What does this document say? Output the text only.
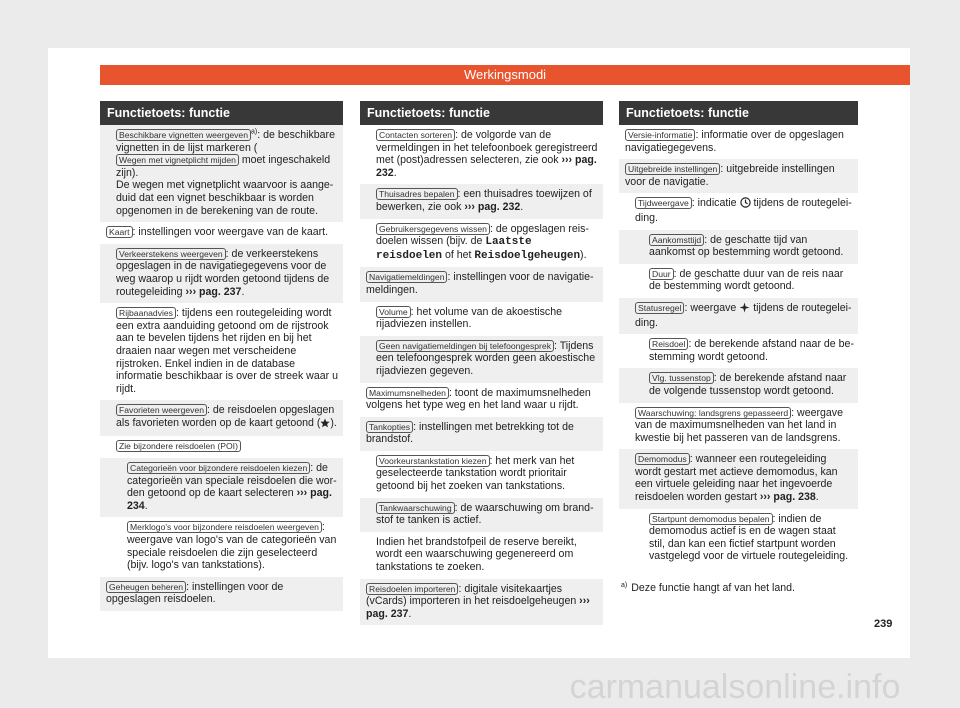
Werkingsmodi
Functietoets: functie
Beschikbare vignetten weergeven $^{a)}$: de beschikbare vignetten in de lijst markeren (Wegen met vignetplicht mijden moet ingeschakeld zijn).
De wegen met vignetplicht waarvoor is aangeduid dat een vignet beschikbaar is worden opgenomen in de berekening van de route.
Kaart : instellingen voor weergave van de kaart.
Verkeerstekens weergeven : de verkeerstekens opgeslagen in de navigatiegegevens voor de weg waarop u rijdt worden getoond tijdens de routegeleiding ››› pag. 237.
Rijbaanadvies : tijdens een routegeleiding wordt een extra aanduiding getoond om de rijstrook aan te bevelen tijdens het rijden en bij het draaien naar wegen met verscheidene rijstroken. Enkel indien in de database informatie beschikbaar is over de streek waar u rijdt.
Favorieten weergeven : de reisdoelen opgeslagen als favorieten worden op de kaart getoond ( ).
Zie bijzondere reisdoelen (POI)
Categorieën voor bijzondere reisdoelen kiezen : de categorieën van speciale reisdoelen die worden getoond op de kaart selecteren ››› pag. 234.
Merklogo's voor bijzondere reisdoelen weergeven : weergave van logo's van de categorieën van speciale reisdoelen die zijn geselecteerd (bijv. logo's van tankstations).
Geheugen beheren : instellingen voor de opgeslagen reisdoelen.
Functietoets: functie
Contacten sorteren : de volgorde van de vermeldingen in het telefoonboek geregistreerd met (post)adressen selecteren, zie ook ››› pag. 232.
Thuisadres bepalen : een thuisadres toewijzen of bewerken, zie ook ››› pag. 232.
Gebruikersgegevens wissen : de opgeslagen reisdoelen wissen (bijv. de Laatste reisdoelen of het Reisdoelgeheugen).
Navigatiemeldingen : instellingen voor de navigatiemeldingen.
Volume : het volume van de akoestische rijadviezen instellen.
Geen navigatiemeldingen bij telefoongesprek : Tijdens een telefoongesprek worden geen akoestische rijadviezen gegeven.
Maximumsnelheden : toont de maximumsnelheden volgens het type weg en het land waar u rijdt.
Tankopties : instellingen met betrekking tot de brandstof.
Voorkeurstankstation kiezen : het merk van het geselecteerde tankstation wordt prioritair getoond bij het zoeken van tankstations.
Tankwaarschuwing : de waarschuwing om brandstof te tanken is actief.
Indien het brandstofpeil de reserve bereikt, wordt een waarschuwing gegenereerd om tankstations te zoeken.
Reisdoelen importeren : digitale visitekaartjes (vCards) importeren in het reisdoelgeheugen ››› pag. 237.
Functietoets: functie
Versie-informatie : informatie over de opgeslagen navigatiegegevens.
Uitgebreide instellingen : uitgebreide instellingen voor de navigatie.
Tijdweergave : indicatie  tijdens de routegeleiding.
Aankomsttijd : de geschatte tijd van aankomst op bestemming wordt getoond.
Duur : de geschatte duur van de reis naar de bestemming wordt getoond.
Statusregel : weergave  tijdens de routegeleiding.
Reisdoel : de berekende afstand naar de bestemming wordt getoond.
Vlg. tussenstop : de berekende afstand naar de volgende tussenstop wordt getoond.
Waarschuwing: landsgrens gepasseerd : weergave van de maximumsnelheden van het land in kwestie bij het passeren van de landsgrens.
Demomodus : wanneer een routegeleiding wordt gestart met actieve demomodus, kan een virtuele geleiding naar het ingevoerde reisdoelen worden gestart ››› pag. 238.
Startpunt demomodus bepalen : indien de demomodus actief is en de wagen staat stil, dan kan een fictief startpunt worden vastgelegd voor de virtuele routegeleiding.
$^{a)}$ Deze functie hangt af van het land.
239
carmanualsonline.info
